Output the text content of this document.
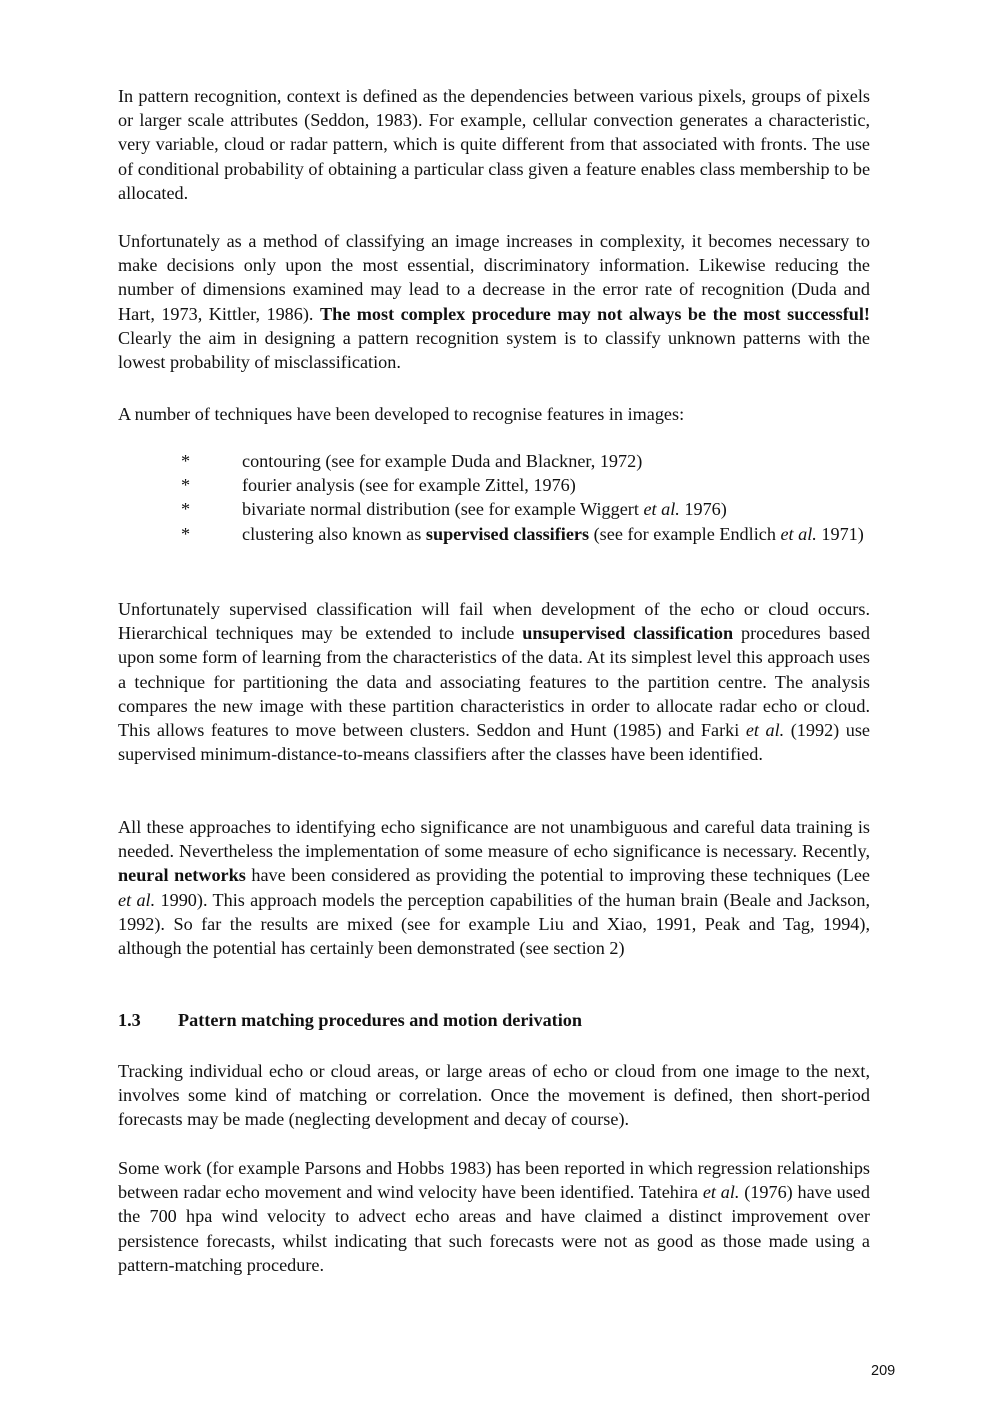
In pattern recognition, context is defined as the dependencies between various pixels, groups of pixels or larger scale attributes (Seddon, 1983). For example, cellular convection generates a characteristic, very variable, cloud or radar pattern, which is quite different from that associated with fronts. The use of conditional probability of obtaining a particular class given a feature enables class membership to be allocated.

Unfortunately as a method of classifying an image increases in complexity, it becomes necessary to make decisions only upon the most essential, discriminatory information. Likewise reducing the number of dimensions examined may lead to a decrease in the error rate of recognition (Duda and Hart, 1973, Kittler, 1986). The most complex procedure may not always be the most successful! Clearly the aim in designing a pattern recognition system is to classify unknown patterns with the lowest probability of misclassification.

A number of techniques have been developed to recognise features in images:

*	contouring (see for example Duda and Blackner, 1972)
*	fourier analysis (see for example Zittel, 1976)
*	bivariate normal distribution (see for example Wiggert et al. 1976)
*	clustering also known as supervised classifiers (see for example Endlich et al. 1971)

Unfortunately supervised classification will fail when development of the echo or cloud occurs. Hierarchical techniques may be extended to include unsupervised classification procedures based upon some form of learning from the characteristics of the data. At its simplest level this approach uses a technique for partitioning the data and associating features to the partition centre. The analysis compares the new image with these partition characteristics in order to allocate radar echo or cloud. This allows features to move between clusters. Seddon and Hunt (1985) and Farki et al. (1992) use supervised minimum-distance-to-means classifiers after the classes have been identified.

All these approaches to identifying echo significance are not unambiguous and careful data training is needed. Nevertheless the implementation of some measure of echo significance is necessary. Recently, neural networks have been considered as providing the potential to improving these techniques (Lee et al. 1990). This approach models the perception capabilities of the human brain (Beale and Jackson, 1992). So far the results are mixed (see for example Liu and Xiao, 1991, Peak and Tag, 1994), although the potential has certainly been demonstrated (see section 2)

1.3 Pattern matching procedures and motion derivation

Tracking individual echo or cloud areas, or large areas of echo or cloud from one image to the next, involves some kind of matching or correlation. Once the movement is defined, then short-period forecasts may be made (neglecting development and decay of course).

Some work (for example Parsons and Hobbs 1983) has been reported in which regression relationships between radar echo movement and wind velocity have been identified. Tatehira et al. (1976) have used the 700 hpa wind velocity to advect echo areas and have claimed a distinct improvement over persistence forecasts, whilst indicating that such forecasts were not as good as those made using a pattern-matching procedure.

209
